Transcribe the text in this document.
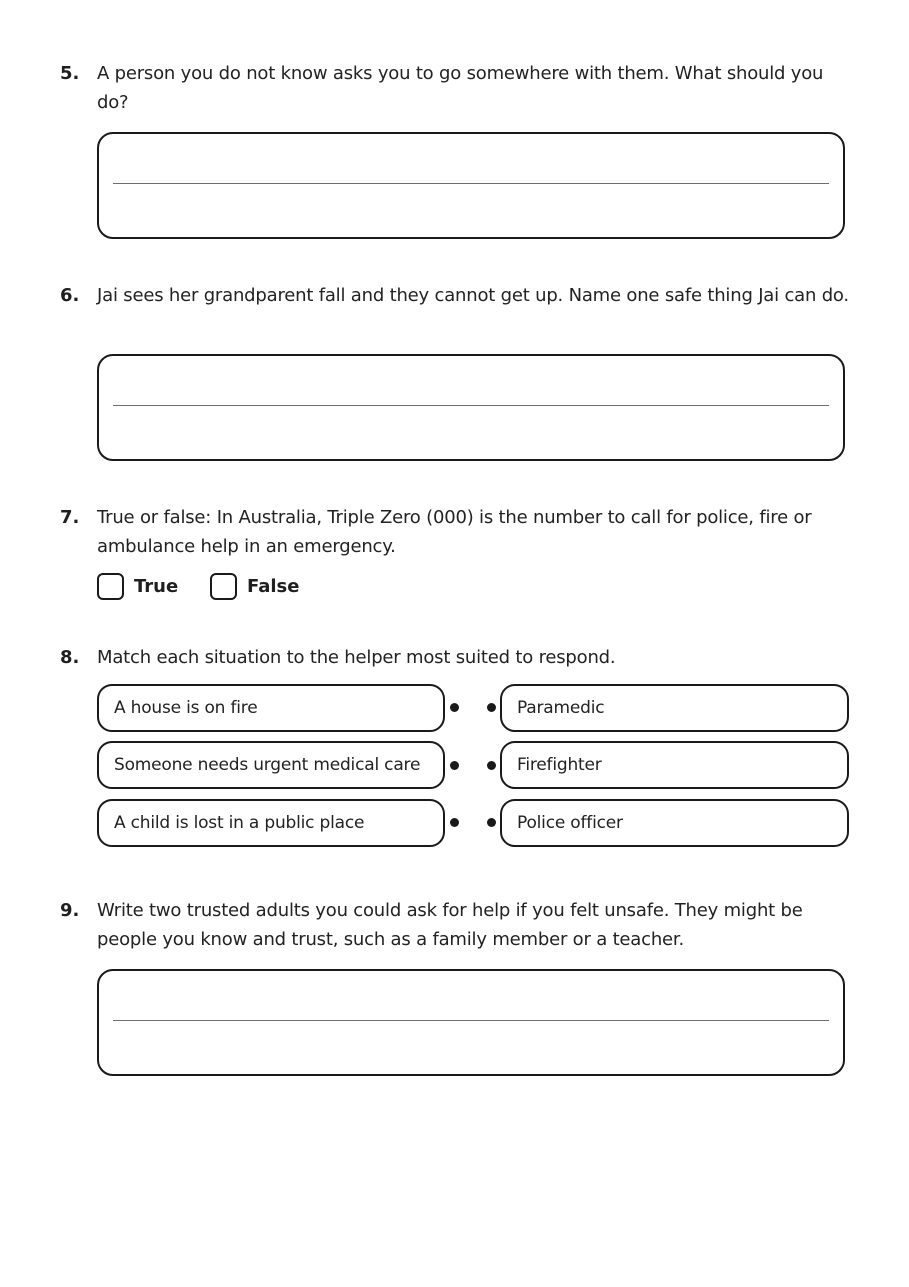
5. A person you do not know asks you to go somewhere with them. What should you do?
6. Jai sees her grandparent fall and they cannot get up. Name one safe thing Jai can do.
7. True or false: In Australia, Triple Zero (000) is the number to call for police, fire or ambulance help in an emergency.
True	False
8. Match each situation to the helper most suited to respond.
A house is on fire	Paramedic
Someone needs urgent medical care	Firefighter
A child is lost in a public place	Police officer
9. Write two trusted adults you could ask for help if you felt unsafe. They might be people you know and trust, such as a family member or a teacher.
